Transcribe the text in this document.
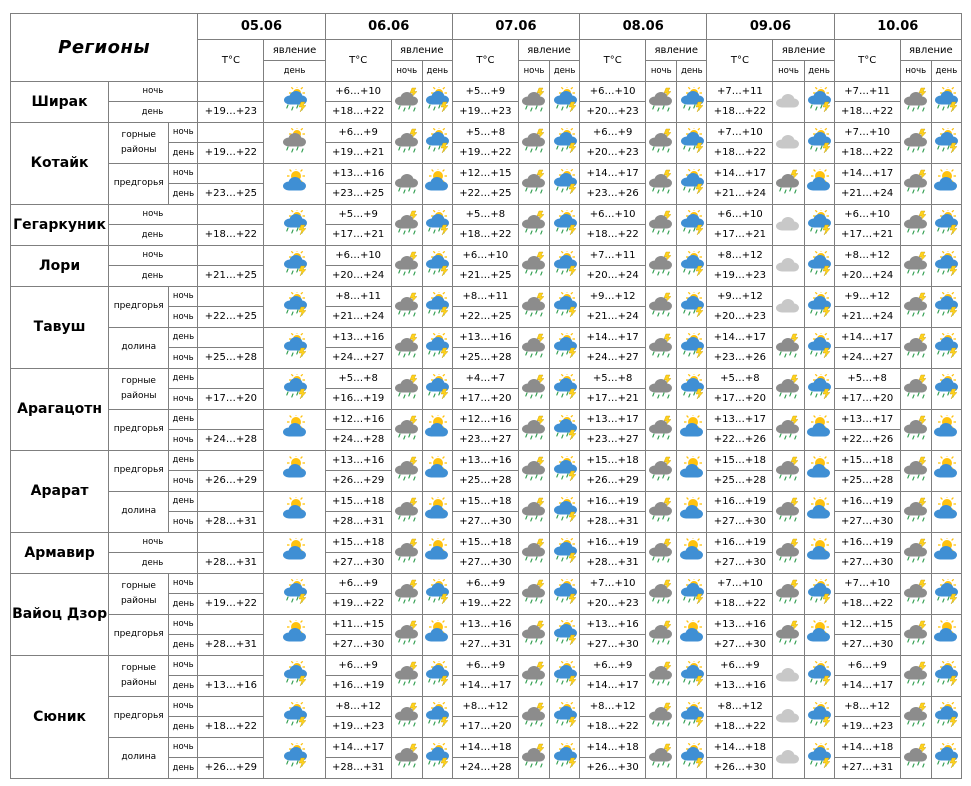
Регионы			05.06		06.06			07.06			08.06			09.06			10.06		
			T°C	явление	T°C	явление		T°C	явление		T°C	явление		T°C	явление		T°C	явление	
				день		ночь	день		ночь	день		ночь	день		ночь	день		ночь	день
Ширак	ночь				+6…+10			+5…+9			+6…+10			+7…+11			+7…+11	

	день		+19…+23		+18…+22			+19…+23			+20…+23			+18…+22			+18…+22		
Котайк	горные районы	ночь			+6…+9			+5…+8			+6…+9			+7…+10			+7…+10	

		день	+19…+22		+19…+21			+19…+22			+20…+23			+18…+22			+18…+22		
	предгорья	ночь			+13…+16			+12…+15			+14…+17			+14…+17			+14…+17	

		день	+23…+25		+23…+25			+22…+25			+23…+26			+21…+24			+21…+24		
Гегаркуник	ночь				+5…+9			+5…+8			+6…+10			+6…+10			+6…+10	

	день		+18…+22		+17…+21			+18…+22			+18…+22			+17…+21			+17…+21		
Лори	ночь				+6…+10			+6…+10			+7…+11			+8…+12			+8…+12	

	день		+21…+25		+20…+24			+21…+25			+20…+24			+19…+23			+20…+24		
Тавуш	предгорья	ночь			+8…+11			+8…+11			+9…+12			+9…+12			+9…+12	

		ночь	+22…+25		+21…+24			+22…+25			+21…+24			+20…+23			+21…+24		
	долина	день			+13…+16			+13…+16			+14…+17			+14…+17			+14…+17	

		ночь	+25…+28		+24…+27			+25…+28			+24…+27			+23…+26			+24…+27		
Арагацотн	горные районы	день			+5…+8			+4…+7			+5…+8			+5…+8			+5…+8	

		ночь	+17…+20		+16…+19			+17…+20			+17…+21			+17…+20			+17…+20		
	предгорья	день			+12…+16			+12…+16			+13…+17			+13…+17			+13…+17	

		ночь	+24…+28		+24…+28			+23…+27			+23…+27			+22…+26			+22…+26		
Арарат	предгорья	день			+13…+16			+13…+16			+15…+18			+15…+18			+15…+18	

		ночь	+26…+29		+26…+29			+25…+28			+26…+29			+25…+28			+25…+28		
	долина	день			+15…+18			+15…+18			+16…+19			+16…+19			+16…+19	

		ночь	+28…+31		+28…+31			+27…+30			+28…+31			+27…+30			+27…+30		
Армавир	ночь				+15…+18			+15…+18			+16…+19			+16…+19			+16…+19	

	день		+28…+31		+27…+30			+27…+30			+28…+31			+27…+30			+27…+30		
Вайоц Дзор	горные районы	ночь			+6…+9			+6…+9			+7…+10			+7…+10			+7…+10	

		день	+19…+22		+19…+22			+19…+22			+20…+23			+18…+22			+18…+22		
	предгорья	ночь			+11…+15			+13…+16			+13…+16			+13…+16			+12…+15	

		день	+28…+31		+27…+30			+27…+31			+27…+30			+27…+30			+27…+30		
Сюник	горные районы	ночь			+6…+9			+6…+9			+6…+9			+6…+9			+6…+9	

		день	+13…+16		+16…+19			+14…+17			+14…+17			+13…+16			+14…+17		
	предгорья	ночь			+8…+12			+8…+12			+8…+12			+8…+12			+8…+12	

		день	+18…+22		+19…+23			+17…+20			+18…+22			+18…+22			+19…+23		
	долина	ночь			+14…+17			+14…+18			+14…+18			+14…+18			+14…+18	

		день	+26…+29		+28…+31			+24…+28			+26…+30			+26…+30			+27…+31		
